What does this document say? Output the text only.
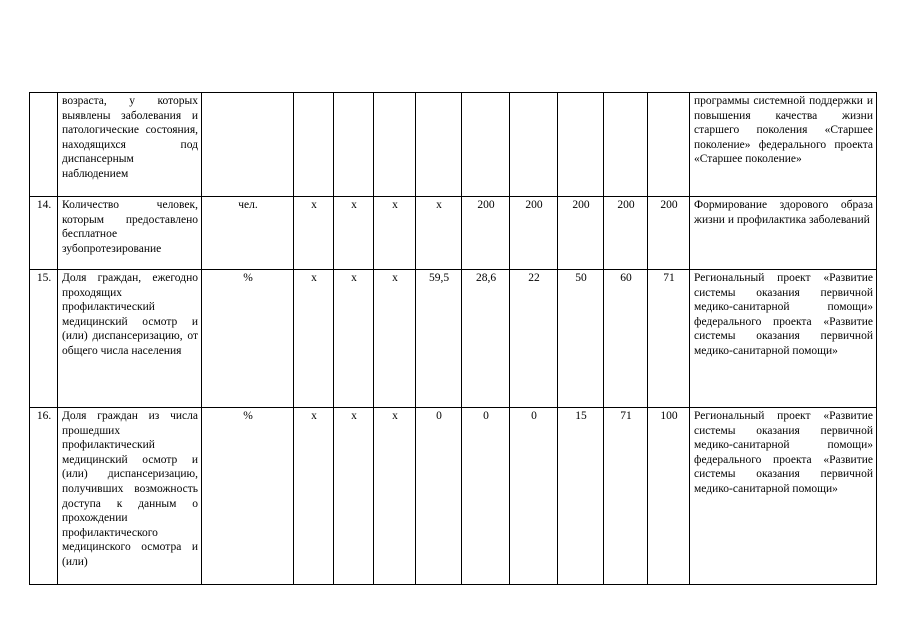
	возраста, у которых выявлены заболевания и патологические состояния, находящихся под диспансерным наблюдением											программы системной поддержки и повышения качества жизни старшего поколения «Старшее поколение» федерального проекта «Старшее поколение»

14.	Количество человек, которым предоставлено бесплатное зубопротезирование	чел.	х	х	х	х	200	200	200	200	200	Формирование здорового образа жизни и профилактика заболеваний

15.	Доля граждан, ежегодно проходящих профилактический медицинский осмотр и (или) диспансеризацию, от общего числа населения	%	х	х	х	59,5	28,6	22	50	60	71	Региональный проект «Развитие системы оказания первичной медико-санитарной помощи» федерального проекта «Развитие системы оказания первичной медико-санитарной помощи»

16.	Доля граждан из числа прошедших профилактический медицинский осмотр и (или) диспансеризацию, получивших возможность доступа к данным о прохождении профилактического медицинского осмотра и (или)	%	х	х	х	0	0	0	15	71	100	Региональный проект «Развитие системы оказания первичной медико-санитарной помощи» федерального проекта «Развитие системы оказания первичной медико-санитарной помощи»
